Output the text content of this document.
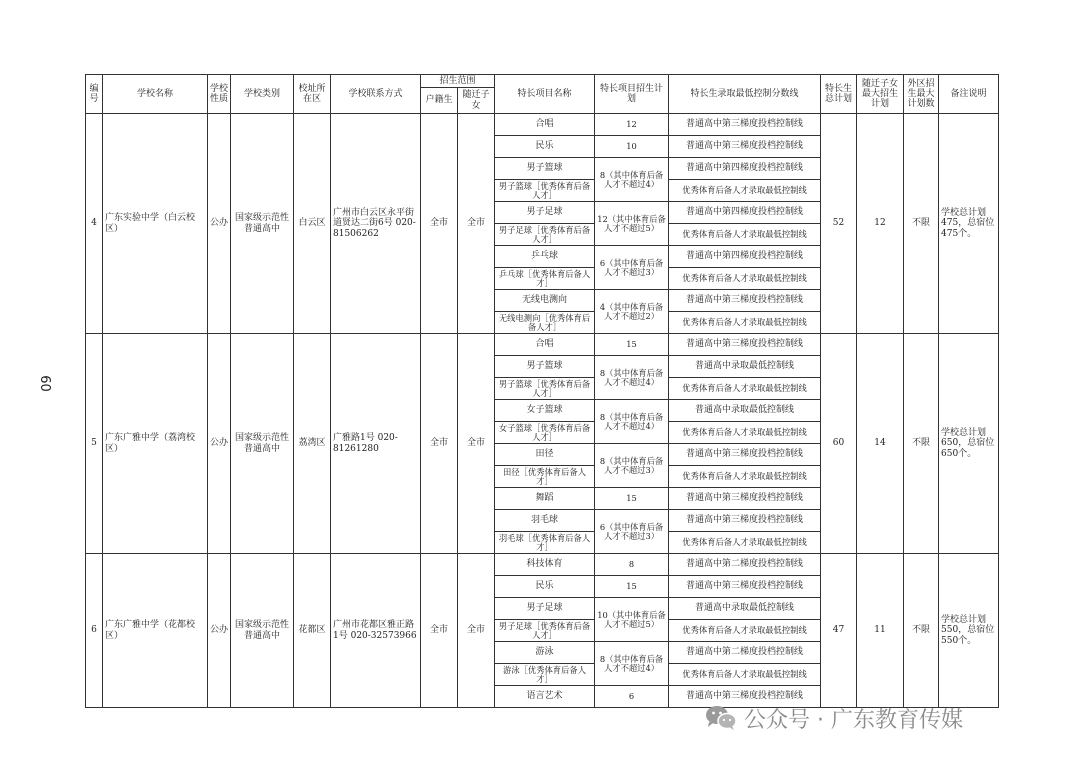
60
编号	学校名称	学校性质	学校类别	校址所在区	学校联系方式	招生范围		特长项目名称	特长项目招生计划	特长生录取最低控制分数线	特长生总计划	随迁子女最大招生计划	外区招生最大计划数	备注说明
						户籍生	随迁子女							
4	广东实验中学（白云校区）	公办	国家级示范性普通高中	白云区	广州市白云区永平街道贤达二街6号 020-81506262	全市	全市	合唱	12	普通高中第三梯度投档控制线	52	12	不限	学校总计划475，总宿位475个。
								民乐	10	普通高中第三梯度投档控制线				
								男子篮球	8（其中体育后备人才不超过4）	普通高中第四梯度投档控制线				
								男子篮球［优秀体育后备人才］		优秀体育后备人才录取最低控制线				
								男子足球	12（其中体育后备人才不超过5）	普通高中第四梯度投档控制线				
								男子足球［优秀体育后备人才］		优秀体育后备人才录取最低控制线				
								乒乓球	6（其中体育后备人才不超过3）	普通高中第四梯度投档控制线				
								乒乓球［优秀体育后备人才］		优秀体育后备人才录取最低控制线				
								无线电测向	4（其中体育后备人才不超过2）	普通高中第三梯度投档控制线				
								无线电测向［优秀体育后备人才］		优秀体育后备人才录取最低控制线				
5	广东广雅中学（荔湾校区）	公办	国家级示范性普通高中	荔湾区	广雅路1号 020-81261280	全市	全市	合唱	15	普通高中第三梯度投档控制线	60	14	不限	学校总计划650，总宿位650个。
								男子篮球	8（其中体育后备人才不超过4）	普通高中录取最低控制线				
								男子篮球［优秀体育后备人才］		优秀体育后备人才录取最低控制线				
								女子篮球	8（其中体育后备人才不超过4）	普通高中录取最低控制线				
								女子篮球［优秀体育后备人才］		优秀体育后备人才录取最低控制线				
								田径	8（其中体育后备人才不超过3）	普通高中第三梯度投档控制线				
								田径［优秀体育后备人才］		优秀体育后备人才录取最低控制线				
								舞蹈	15	普通高中第三梯度投档控制线				
								羽毛球	6（其中体育后备人才不超过3）	普通高中第三梯度投档控制线				
								羽毛球［优秀体育后备人才］		优秀体育后备人才录取最低控制线				
6	广东广雅中学（花都校区）	公办	国家级示范性普通高中	花都区	广州市花都区雅正路1号 020-32573966	全市	全市	科技体育	8	普通高中第二梯度投档控制线	47	11	不限	学校总计划550，总宿位550个。
								民乐	15	普通高中第三梯度投档控制线				
								男子足球	10（其中体育后备人才不超过5）	普通高中录取最低控制线				
								男子足球［优秀体育后备人才］		优秀体育后备人才录取最低控制线				
								游泳	8（其中体育后备人才不超过4）	普通高中第二梯度投档控制线				
								游泳［优秀体育后备人才］		优秀体育后备人才录取最低控制线				
								语言艺术	6	普通高中第三梯度投档控制线				
公众号 · 广东教育传媒
